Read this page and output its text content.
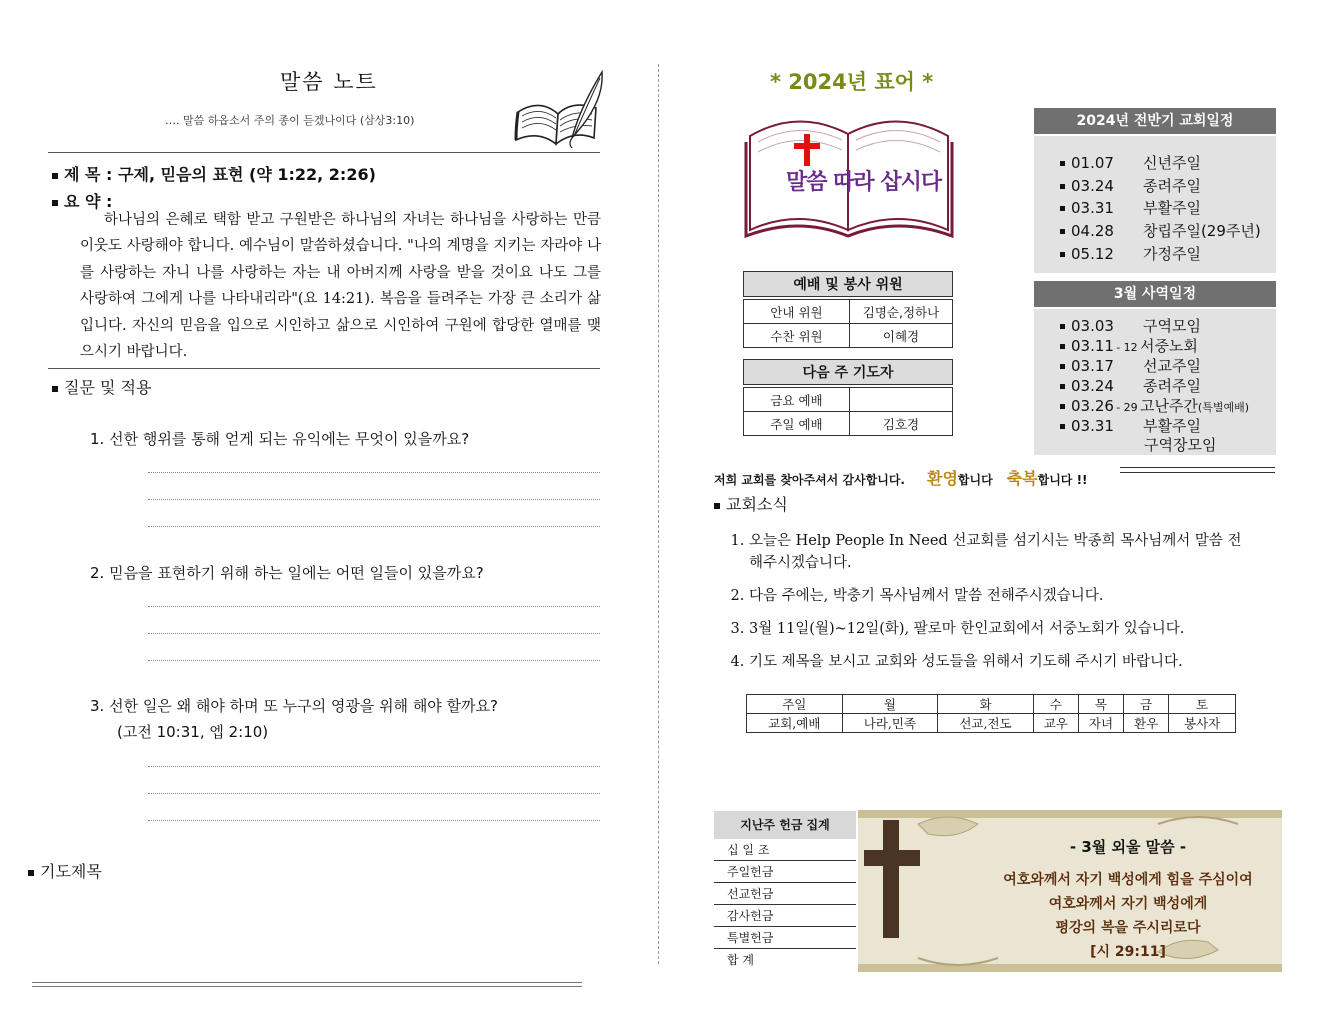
말씀 노트
…. 말씀 하옵소서 주의 종이 듣겠나이다 (삼상3:10)
제 목 : 구제, 믿음의 표현 (약 1:22, 2:26)
요 약 :
하나님의 은혜로 택함 받고 구원받은 하나님의 자녀는 하나님을 사랑하는 만큼 이웃도 사랑해야 합니다. 예수님이 말씀하셨습니다. "나의 계명을 지키는 자라야 나를 사랑하는 자니 나를 사랑하는 자는 내 아버지께 사랑을 받을 것이요 나도 그를 사랑하여 그에게 나를 나타내리라"(요 14:21). 복음을 들려주는 가장 큰 소리가 삶입니다. 자신의 믿음을 입으로 시인하고 삶으로 시인하여 구원에 합당한 열매를 맺으시기 바랍니다.
질문 및 적용
1. 선한 행위를 통해 얻게 되는 유익에는 무엇이 있을까요?
2. 믿음을 표현하기 위해 하는 일에는 어떤 일들이 있을까요?
3. 선한 일은 왜 해야 하며 또 누구의 영광을 위해 해야 할까요?
(고전 10:31, 엡 2:10)
기도제목
* 2024년 표어 *
말씀 따라 삽시다
예배 및 봉사 위원
안내 위원	김명순,정하나
수찬 위원	이혜경
다음 주 기도자
금요 예배	
주일 예배	김호경
2024년 전반기 교회일정
01.07 신년주일
03.24 종려주일
03.31 부활주일
04.28 창립주일(29주년)
05.12 가정주일
3월 사역일정
03.03 구역모임
03.11 - 12 서중노회
03.17 선교주일
03.24 종려주일
03.26 - 29 고난주간(특별예배)
03.31 부활주일
구역장모임
저희 교회를 찾아주셔서 감사합니다. 환영합니다 축복합니다 !!
교회소식
1. 오늘은 Help People In Need 선교회를 섬기시는 박종희 목사님께서 말씀 전해주시겠습니다.
2. 다음 주에는, 박충기 목사님께서 말씀 전해주시겠습니다.
3. 3월 11일(월)~12일(화), 팔로마 한인교회에서 서중노회가 있습니다.
4. 기도 제목을 보시고 교회와 성도들을 위해서 기도해 주시기 바랍니다.
주일	월	화	수	목	금	토
교회,예배	나라,민족	선교,전도	교우	자녀	환우	봉사자
지난주 헌금 집계
십 일 조
주일헌금
선교헌금
감사헌금
특별헌금
합 계
- 3월 외울 말씀 -
여호와께서 자기 백성에게 힘을 주심이여
여호와께서 자기 백성에게
평강의 복을 주시리로다
[시 29:11]
